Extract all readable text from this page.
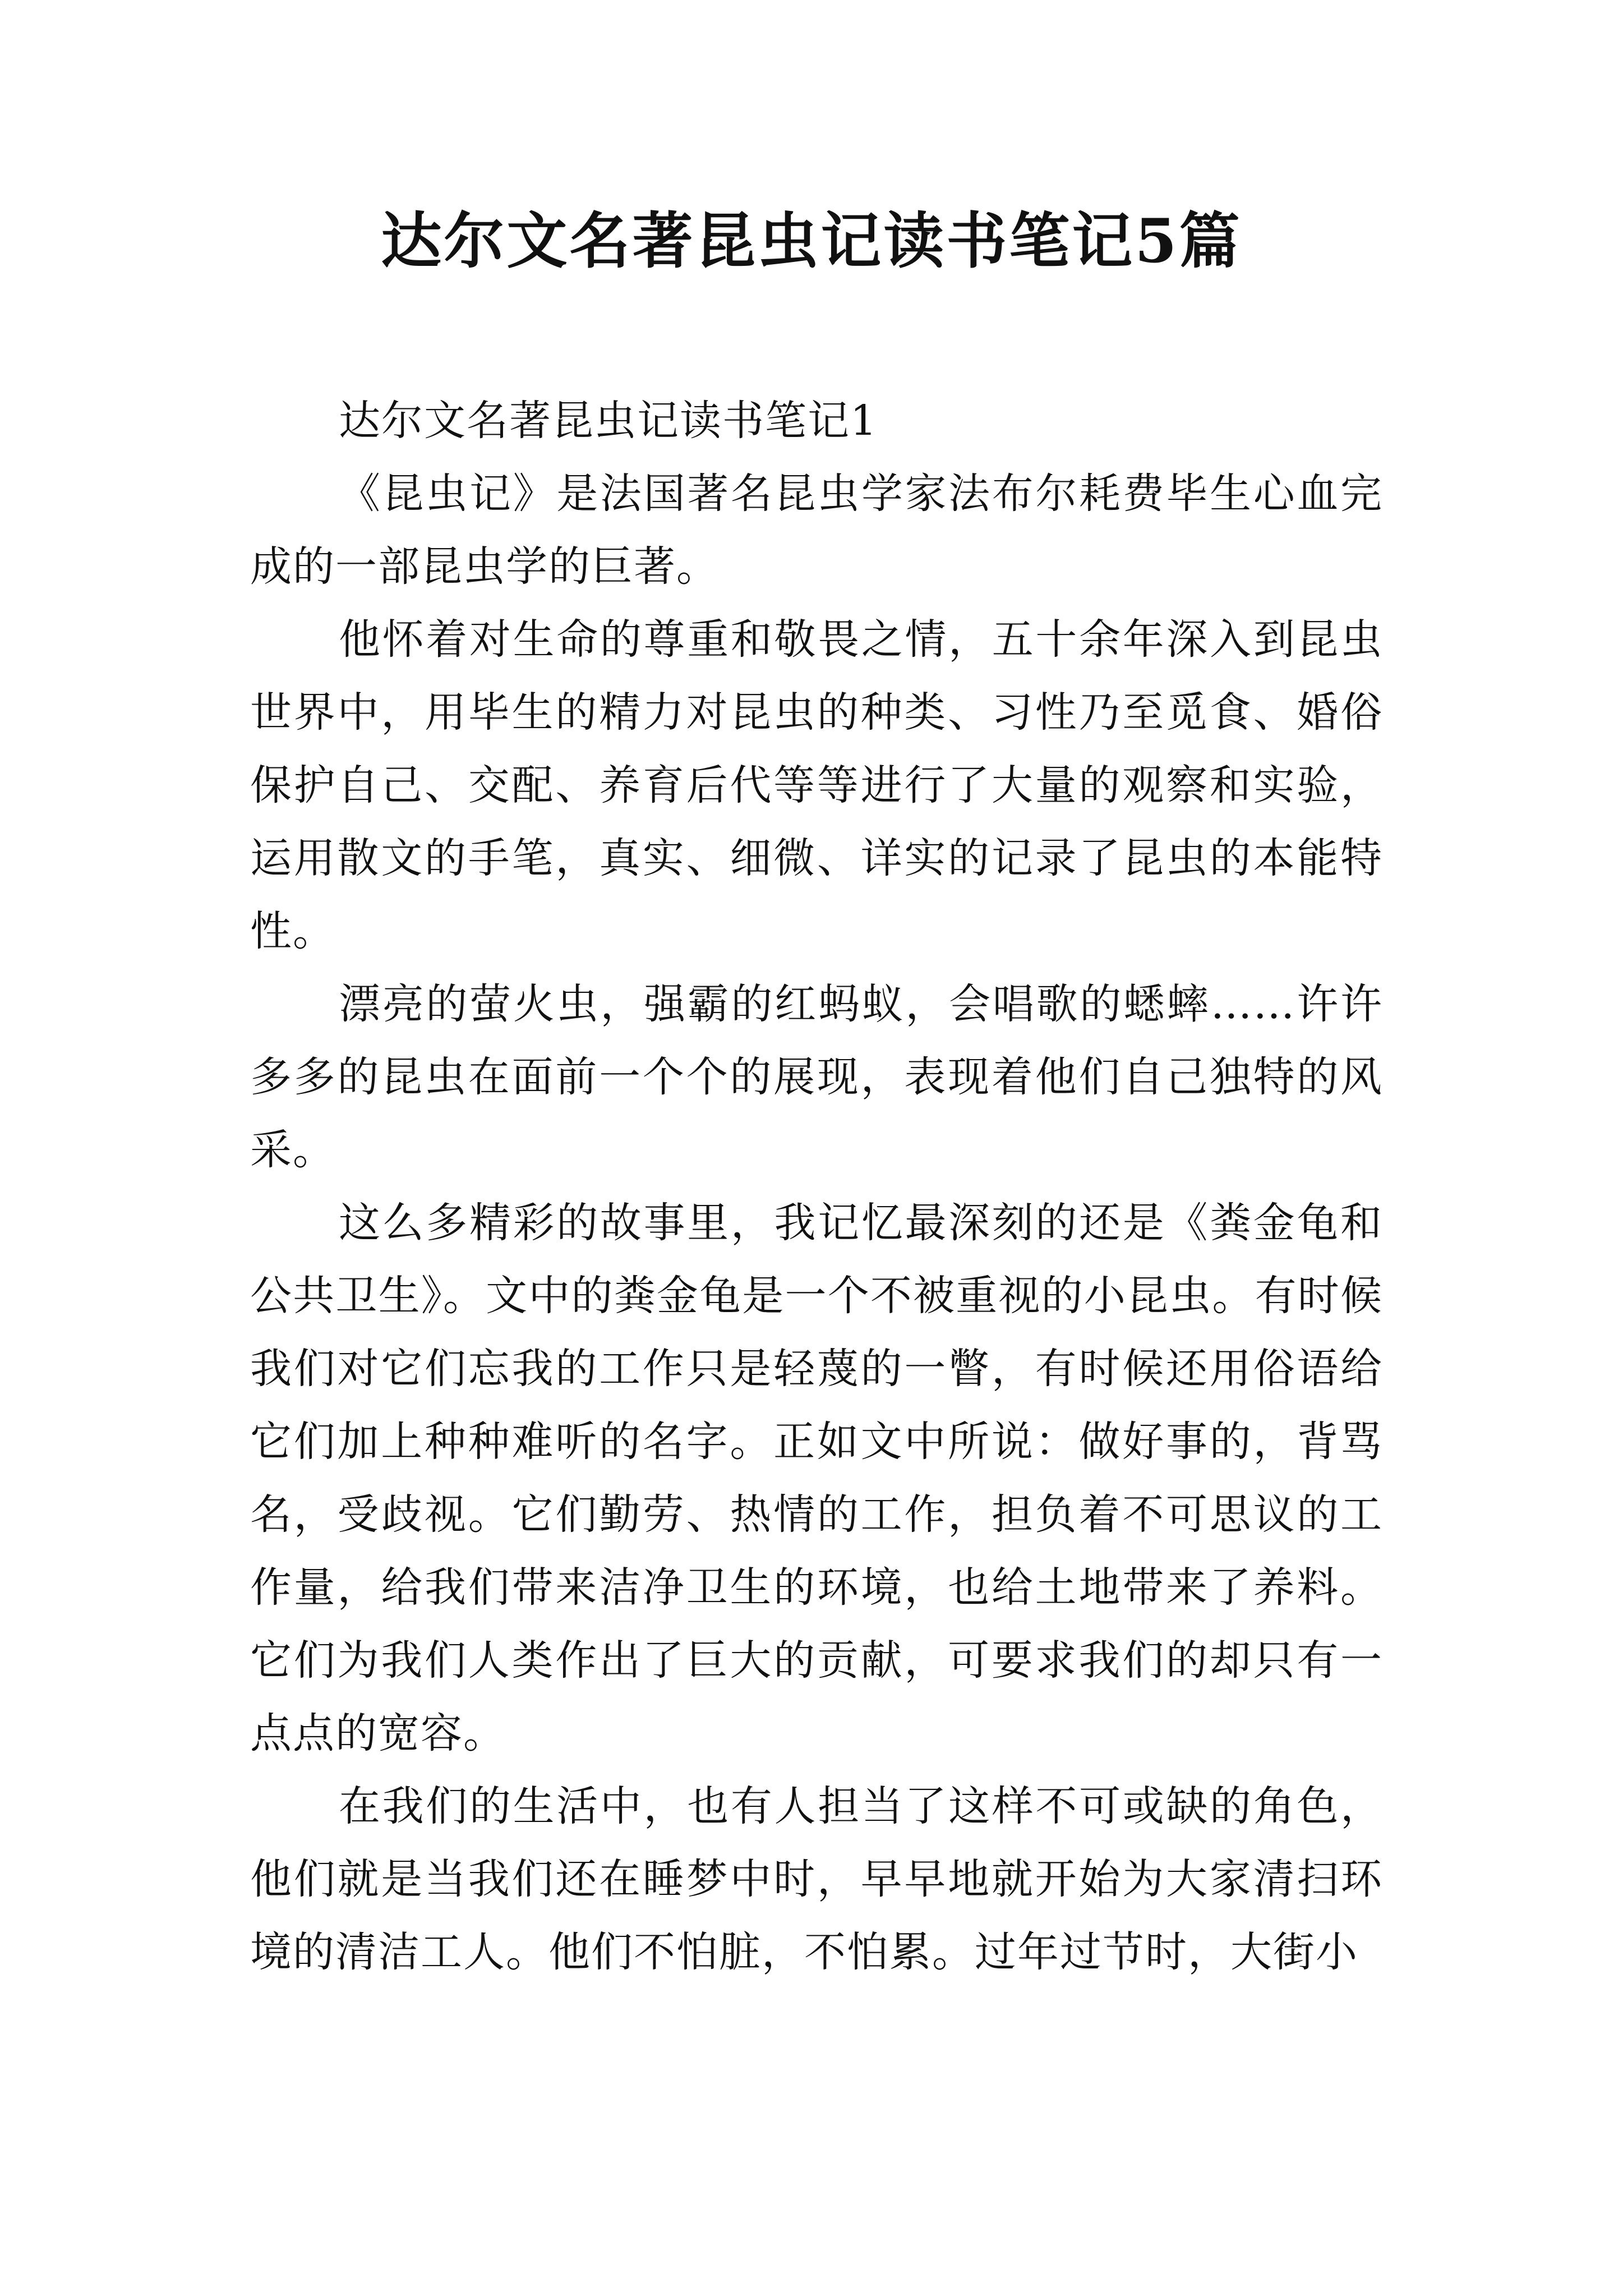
达尔文名著昆虫记读书笔记5篇

达尔文名著昆虫记读书笔记1

《昆虫记》是法国著名昆虫学家法布尔耗费毕生心血完成的一部昆虫学的巨著。

他怀着对生命的尊重和敬畏之情，五十余年深入到昆虫世界中，用毕生的精力对昆虫的种类、习性乃至觅食、婚俗保护自己、交配、养育后代等等进行了大量的观察和实验，运用散文的手笔，真实、细微、详实的记录了昆虫的本能特性。

漂亮的萤火虫，强霸的红蚂蚁，会唱歌的蟋蟀……许许多多的昆虫在面前一个个的展现，表现着他们自己独特的风采。

这么多精彩的故事里，我记忆最深刻的还是《粪金龟和公共卫生》。文中的粪金龟是一个不被重视的小昆虫。有时候我们对它们忘我的工作只是轻蔑的一瞥，有时候还用俗语给它们加上种种难听的名字。正如文中所说：做好事的，背骂名，受歧视。它们勤劳、热情的工作，担负着不可思议的工作量，给我们带来洁净卫生的环境，也给土地带来了养料。它们为我们人类作出了巨大的贡献，可要求我们的却只有一点点的宽容。

在我们的生活中，也有人担当了这样不可或缺的角色，他们就是当我们还在睡梦中时，早早地就开始为大家清扫环境的清洁工人。他们不怕脏，不怕累。过年过节时，大街小
